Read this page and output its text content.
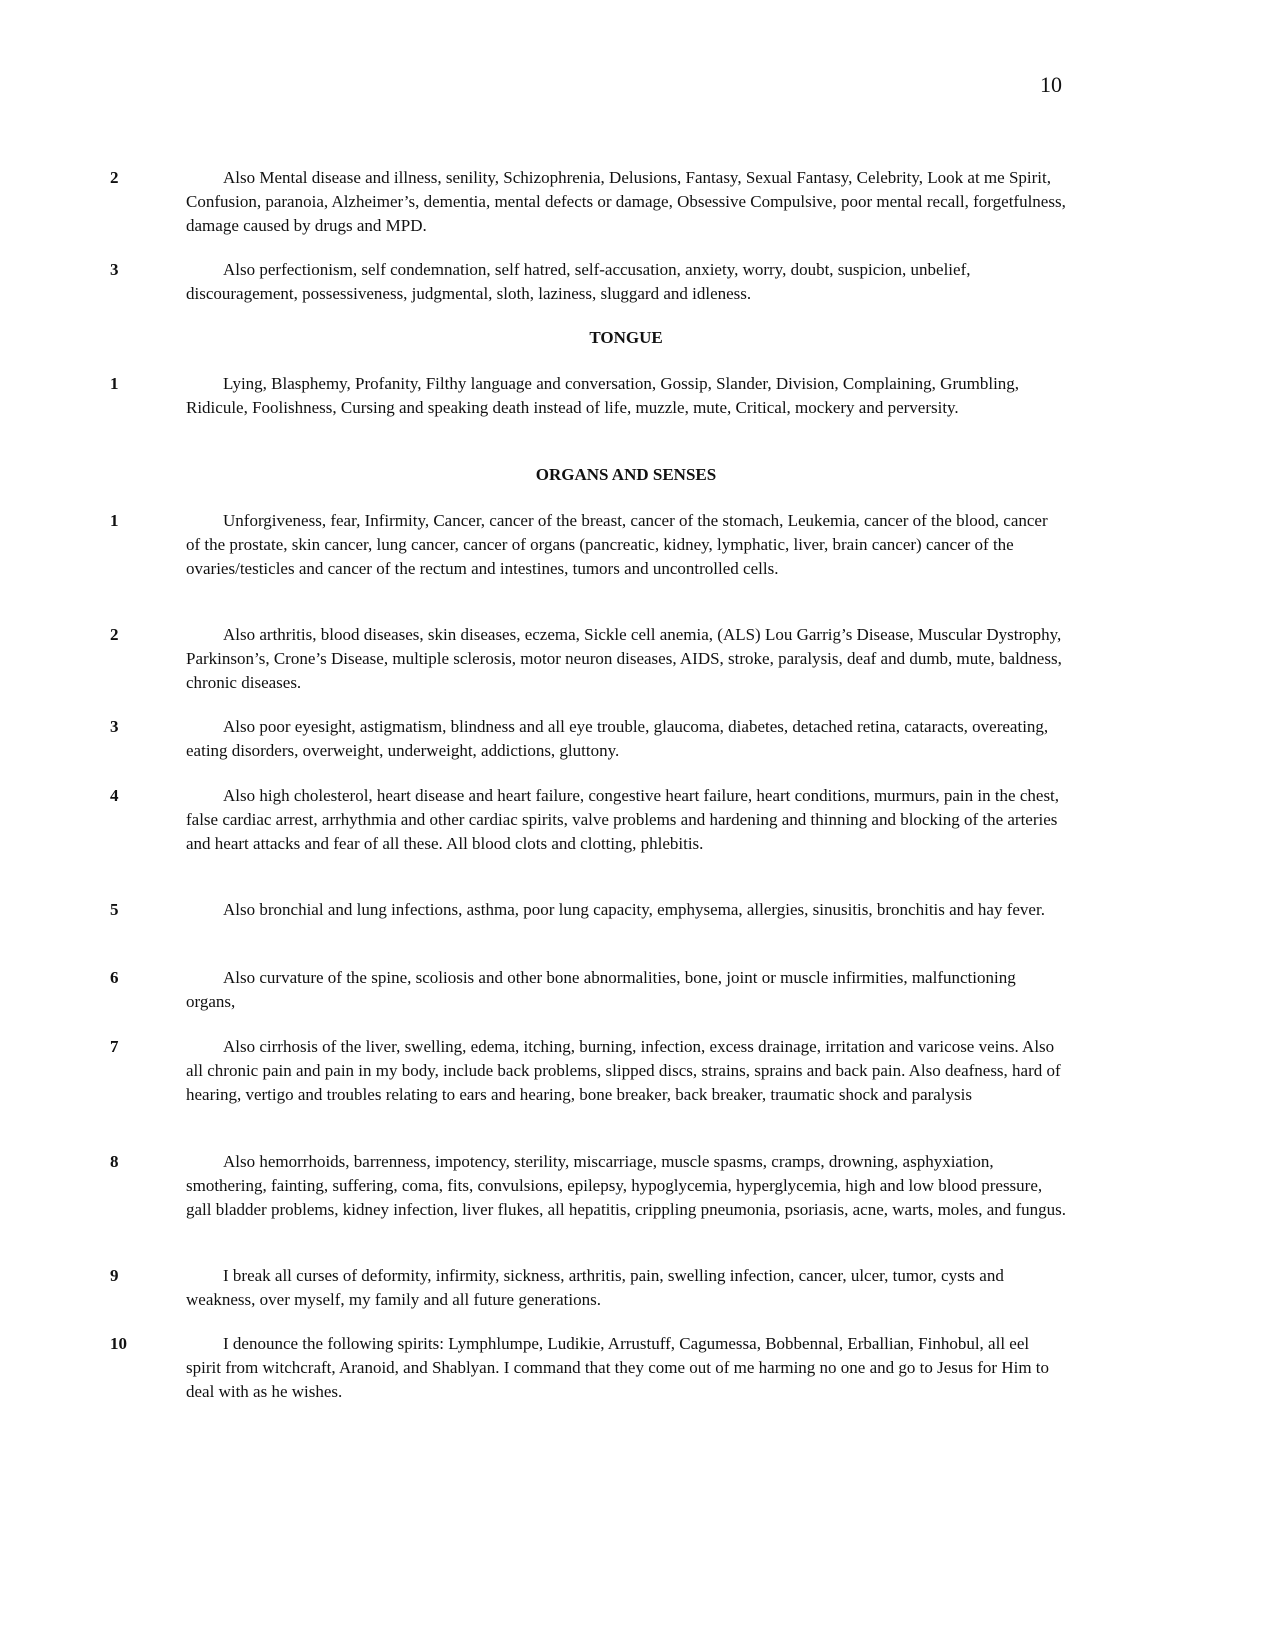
10
2	Also Mental disease and illness, senility, Schizophrenia, Delusions, Fantasy, Sexual Fantasy, Celebrity, Look at me Spirit, Confusion, paranoia, Alzheimer’s, dementia, mental defects or damage, Obsessive Compulsive, poor mental recall, forgetfulness, damage caused by drugs and MPD.
3	Also perfectionism, self condemnation, self hatred, self-accusation, anxiety, worry, doubt, suspicion, unbelief, discouragement, possessiveness, judgmental, sloth, laziness, sluggard and idleness.
TONGUE
1	Lying, Blasphemy, Profanity, Filthy language and conversation, Gossip, Slander, Division, Complaining, Grumbling, Ridicule, Foolishness, Cursing and speaking death instead of life, muzzle, mute, Critical, mockery and perversity.
ORGANS AND SENSES
1	Unforgiveness, fear, Infirmity, Cancer, cancer of the breast, cancer of the stomach, Leukemia, cancer of the blood, cancer of the prostate, skin cancer, lung cancer, cancer of organs (pancreatic, kidney, lymphatic, liver, brain cancer) cancer of the ovaries/testicles and cancer of the rectum and intestines, tumors and uncontrolled cells.
2	Also arthritis, blood diseases, skin diseases, eczema, Sickle cell anemia, (ALS) Lou Garrig’s Disease, Muscular Dystrophy, Parkinson’s, Crone’s Disease, multiple sclerosis, motor neuron diseases, AIDS, stroke, paralysis, deaf and dumb, mute, baldness, chronic diseases.
3	Also poor eyesight, astigmatism, blindness and all eye trouble, glaucoma, diabetes, detached retina, cataracts, overeating, eating disorders, overweight, underweight, addictions, gluttony.
4	Also high cholesterol, heart disease and heart failure, congestive heart failure, heart conditions, murmurs, pain in the chest, false cardiac arrest, arrhythmia and other cardiac spirits, valve problems and hardening and thinning and blocking of the arteries and heart attacks and fear of all these. All blood clots and clotting, phlebitis.
5	Also bronchial and lung infections, asthma, poor lung capacity, emphysema, allergies, sinusitis, bronchitis and hay fever.
6	Also curvature of the spine, scoliosis and other bone abnormalities, bone, joint or muscle infirmities, malfunctioning organs,
7	Also cirrhosis of the liver, swelling, edema, itching, burning, infection, excess drainage, irritation and varicose veins. Also all chronic pain and pain in my body, include back problems, slipped discs, strains, sprains and back pain. Also deafness, hard of hearing, vertigo and troubles relating to ears and hearing, bone breaker, back breaker, traumatic shock and paralysis
8	Also hemorrhoids, barrenness, impotency, sterility, miscarriage, muscle spasms, cramps, drowning, asphyxiation, smothering, fainting, suffering, coma, fits, convulsions, epilepsy, hypoglycemia, hyperglycemia, high and low blood pressure, gall bladder problems, kidney infection, liver flukes, all hepatitis, crippling pneumonia, psoriasis, acne, warts, moles, and fungus.
9	I break all curses of deformity, infirmity, sickness, arthritis, pain, swelling infection, cancer, ulcer, tumor, cysts and weakness, over myself, my family and all future generations.
10	I denounce the following spirits: Lymphlumpe, Ludikie, Arrustuff, Cagumessa, Bobbennal, Erballian, Finhobul, all eel spirit from witchcraft, Aranoid, and Shablyan. I command that they come out of me harming no one and go to Jesus for Him to deal with as he wishes.
